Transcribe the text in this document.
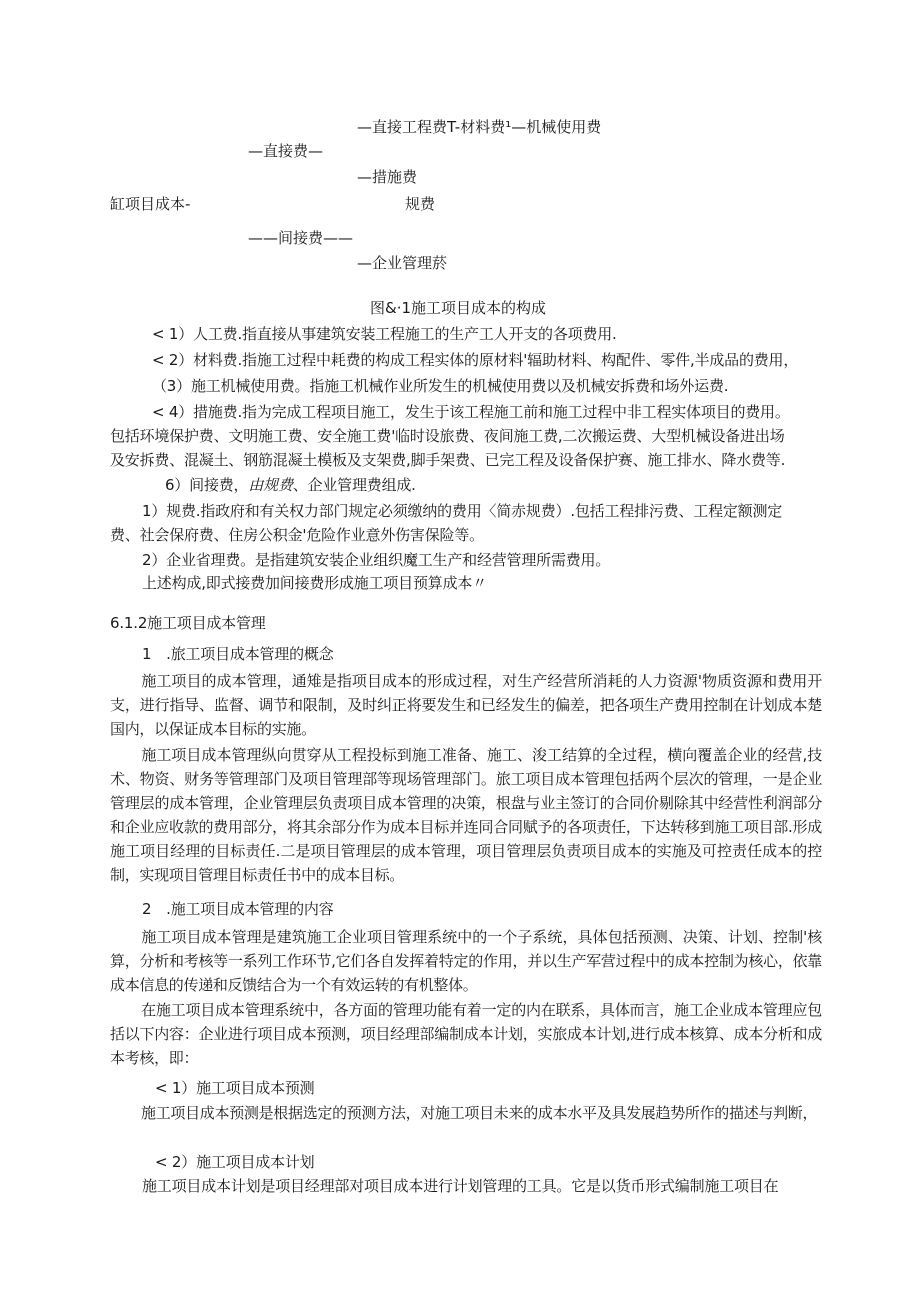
—直接工程费T-材料费¹—机械使用费
—直接费—
—措施费
缸项目成本-	规费
——间接费——
—企业管理菸
图&·1施工项目成本的构成
< 1）人工费.指直接从事建筑安装工程施工的生产工人开支的各项费用.
< 2）材料费.指施工过程中耗费的构成工程实体的原材料'辐助材料、构配件、零件,半成品的费用，
（3）施工机械使用费。指施工机械作业所发生的机械使用费以及机械安拆费和场外运费.
< 4）措施费.指为完成工程项目施工，发生于该工程施工前和施工过程中非工程实体项目的费用。
包括环境保护费、文明施工费、安全施工费'临时设旅费、夜间施工费,二次搬运费、大型机械设备进出场
及安拆费、混凝土、钢筋混凝土模板及支架费,脚手架费、已完工程及设备保护赛、施工排水、降水费等.
6）间接费，由规费、企业管理费组成.
1）规费.指政府和有关权力部门规定必须缴纳的费用〈简赤规费）.包括工程排污费、工程定额测定
费、社会保府费、住房公积金'危险作业意外伤害保险等。
2）企业省理费。是指建筑安装企业组织魔工生产和经营管理所需费用。
上述构成,即式接费加间接费形成施工项目预算成本〃
6.1.2施工项目成本管理
1　.旅工项目成本管理的概念
施工项目的成本管理，通雉是指项目成本的形成过程，对生产经营所消耗的人力资源'物质资源和费用开支，进行指导、监督、调节和限制，及时纠正将要发生和已经发生的偏差，把各项生产费用控制在计划成本楚国内，以保证成本目标的实施。
施工项目成本管理纵向贯穿从工程投标到施工准备、施工、浚工结算的全过程，横向覆盖企业的经营,技术、物资、财务等管理部门及项目管理部等现场管理部门。旅工项目成本管理包括两个层次的管理，一是企业管理层的成本管理，企业管理层负责项目成本管理的决策，根盘与业主签订的合同价剔除其中经营性利润部分和企业应收款的费用部分，将其余部分作为成本目标并连同合同赋予的各项责任，下达转移到施工项目部.形成施工项目经理的目标责任.二是项目管理层的成本管理，项目管理层负责项目成本的实施及可控责任成本的控制，实现项目管理目标责任书中的成本目标。
2　.施工项目成本管理的内容
施工项目成本管理是建筑施工企业项目管理系统中的一个子系统，具体包括预测、决策、计划、控制'核算，分析和考核等一系列工作环节,它们各自发挥着特定的作用，并以生产军营过程中的成本控制为核心，依靠成本信息的传递和反馈结合为一个有效运转的有机整体。
在施工项目成本管理系统中，各方面的管理功能有着一定的内在联系，具体而言，施工企业成本管理应包括以下内容：企业进行项目成本预测，项目经理部编制成本计划，实旅成本计划,进行成本核算、成本分析和成本考核，即：
< 1）施工项目成本预测
施工项目成本预测是根据选定的预测方法，对施工项目未来的成本水平及具发展趋势所作的描述与判断，
< 2）施工项目成本计划
施工项目成本计划是项目经理部对项目成本进行计划管理的工具。它是以货币形式编制施工项目在
